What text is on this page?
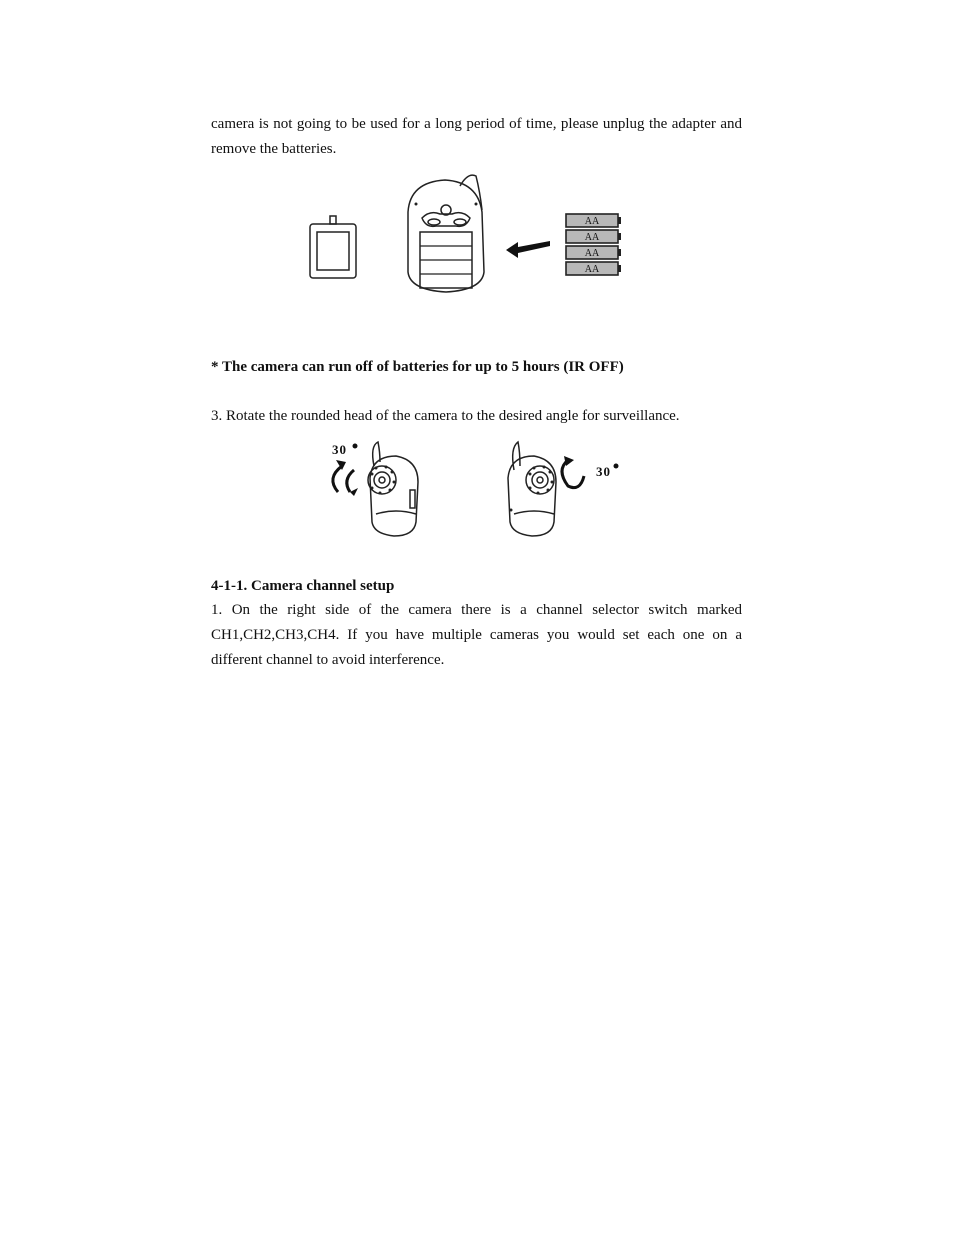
camera is not going to be used for a long period of time, please unplug the adapter and remove the batteries.

AA
AA
AA
AA

* The camera can run off of batteries for up to 5 hours (IR OFF)

3. Rotate the rounded head of the camera to the desired angle for surveillance.

30
30

4-1-1. Camera channel setup

1. On the right side of the camera there is a channel selector switch marked CH1,CH2,CH3,CH4. If you have multiple cameras you would set each one on a different channel to avoid interference.
